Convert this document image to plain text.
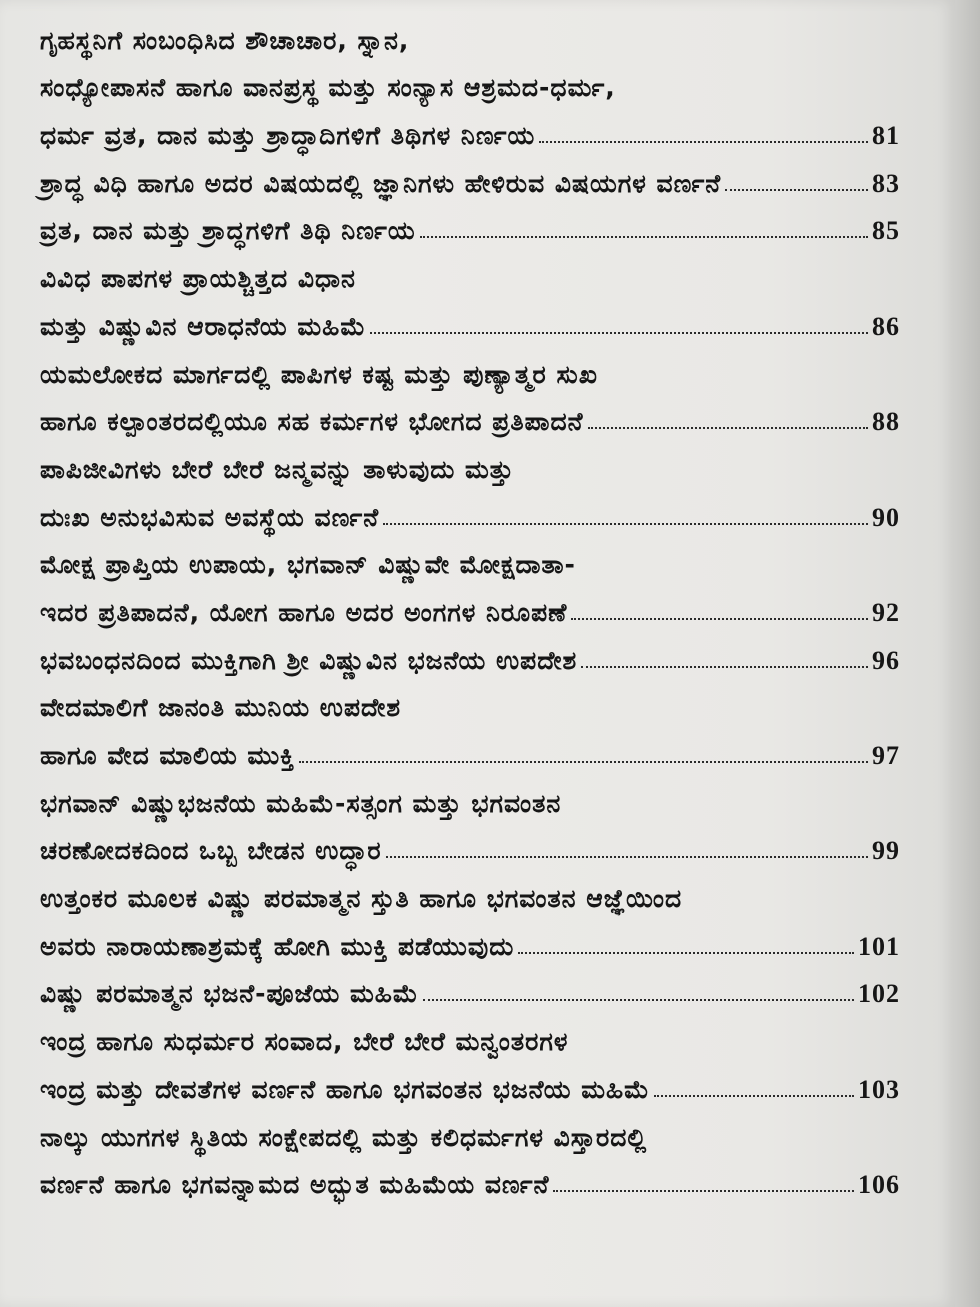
ಗೃಹಸ್ಥನಿಗೆ ಸಂಬಂಧಿಸಿದ ಶೌಚಾಚಾರ, ಸ್ನಾನ,
ಸಂಧ್ಯೋಪಾಸನೆ ಹಾಗೂ ವಾನಪ್ರಸ್ಥ ಮತ್ತು ಸಂನ್ಯಾಸ ಆಶ್ರಮದ-ಧರ್ಮ,
ಧರ್ಮ ವ್ರತ, ದಾನ ಮತ್ತು ಶ್ರಾದ್ಧಾದಿಗಳಿಗೆ ತಿಥಿಗಳ ನಿರ್ಣಯ	81
ಶ್ರಾದ್ಧ ವಿಧಿ ಹಾಗೂ ಅದರ ವಿಷಯದಲ್ಲಿ ಜ್ಞಾನಿಗಳು ಹೇಳಿರುವ ವಿಷಯಗಳ ವರ್ಣನೆ	83
ವ್ರತ, ದಾನ ಮತ್ತು ಶ್ರಾದ್ಧಗಳಿಗೆ ತಿಥಿ ನಿರ್ಣಯ	85
ವಿವಿಧ ಪಾಪಗಳ ಪ್ರಾಯಶ್ಚಿತ್ತದ ವಿಧಾನ
ಮತ್ತು ವಿಷ್ಣುವಿನ ಆರಾಧನೆಯ ಮಹಿಮೆ	86
ಯಮಲೋಕದ ಮಾರ್ಗದಲ್ಲಿ ಪಾಪಿಗಳ ಕಷ್ಟ ಮತ್ತು ಪುಣ್ಯಾತ್ಮರ ಸುಖ
ಹಾಗೂ ಕಲ್ಪಾಂತರದಲ್ಲಿಯೂ ಸಹ ಕರ್ಮಗಳ ಭೋಗದ ಪ್ರತಿಪಾದನೆ	88
ಪಾಪಿಜೀವಿಗಳು ಬೇರೆ ಬೇರೆ ಜನ್ಮವನ್ನು ತಾಳುವುದು ಮತ್ತು
ದುಃಖ ಅನುಭವಿಸುವ ಅವಸ್ಥೆಯ ವರ್ಣನೆ	90
ಮೋಕ್ಷ ಪ್ರಾಪ್ತಿಯ ಉಪಾಯ, ಭಗವಾನ್ ವಿಷ್ಣುವೇ ಮೋಕ್ಷದಾತಾ-
ಇದರ ಪ್ರತಿಪಾದನೆ, ಯೋಗ ಹಾಗೂ ಅದರ ಅಂಗಗಳ ನಿರೂಪಣೆ	92
ಭವಬಂಧನದಿಂದ ಮುಕ್ತಿಗಾಗಿ ಶ್ರೀ ವಿಷ್ಣುವಿನ ಭಜನೆಯ ಉಪದೇಶ	96
ವೇದಮಾಲಿಗೆ ಜಾನಂತಿ ಮುನಿಯ ಉಪದೇಶ
ಹಾಗೂ ವೇದ ಮಾಲಿಯ ಮುಕ್ತಿ	97
ಭಗವಾನ್ ವಿಷ್ಣುಭಜನೆಯ ಮಹಿಮೆ-ಸತ್ಸಂಗ ಮತ್ತು ಭಗವಂತನ
ಚರಣೋದಕದಿಂದ ಒಬ್ಬ ಬೇಡನ ಉದ್ಧಾರ	99
ಉತ್ತಂಕರ ಮೂಲಕ ವಿಷ್ಣು ಪರಮಾತ್ಮನ ಸ್ತುತಿ ಹಾಗೂ ಭಗವಂತನ ಆಜ್ಞೆಯಿಂದ
ಅವರು ನಾರಾಯಣಾಶ್ರಮಕ್ಕೆ ಹೋಗಿ ಮುಕ್ತಿ ಪಡೆಯುವುದು	101
ವಿಷ್ಣು ಪರಮಾತ್ಮನ ಭಜನೆ-ಪೂಜೆಯ ಮಹಿಮೆ	102
ಇಂದ್ರ ಹಾಗೂ ಸುಧರ್ಮರ ಸಂವಾದ, ಬೇರೆ ಬೇರೆ ಮನ್ವಂತರಗಳ
ಇಂದ್ರ ಮತ್ತು ದೇವತೆಗಳ ವರ್ಣನೆ ಹಾಗೂ ಭಗವಂತನ ಭಜನೆಯ ಮಹಿಮೆ	103
ನಾಲ್ಕು ಯುಗಗಳ ಸ್ಥಿತಿಯ ಸಂಕ್ಷೇಪದಲ್ಲಿ ಮತ್ತು ಕಲಿಧರ್ಮಗಳ ವಿಸ್ತಾರದಲ್ಲಿ
ವರ್ಣನೆ ಹಾಗೂ ಭಗವನ್ನಾಮದ ಅದ್ಭುತ ಮಹಿಮೆಯ ವರ್ಣನೆ	106
